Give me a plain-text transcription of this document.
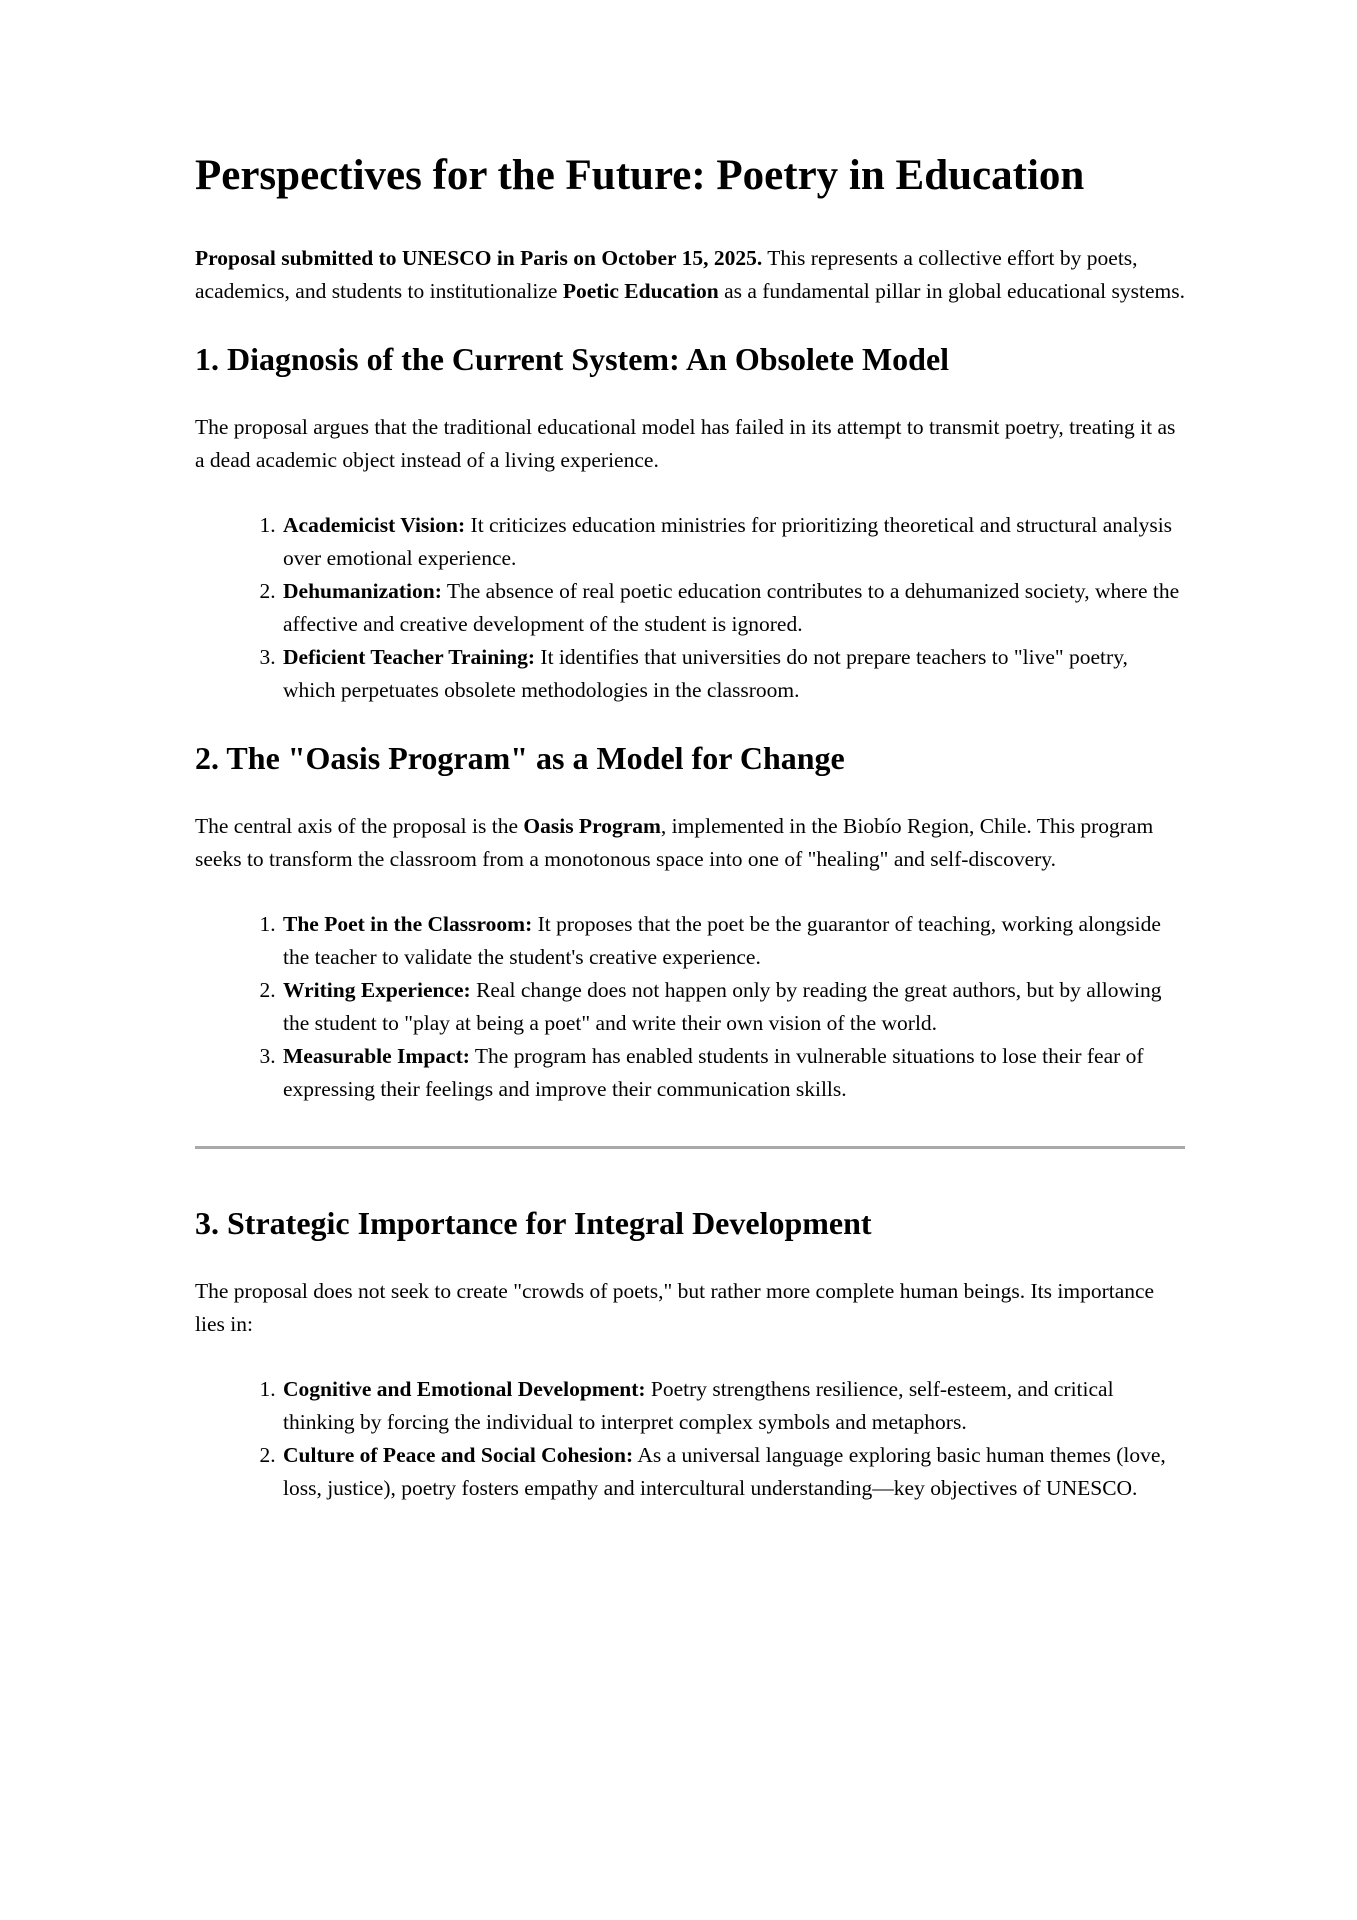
Perspectives for the Future: Poetry in Education

Proposal submitted to UNESCO in Paris on October 15, 2025. This represents a collective effort by poets, academics, and students to institutionalize Poetic Education as a fundamental pillar in global educational systems.

1. Diagnosis of the Current System: An Obsolete Model

The proposal argues that the traditional educational model has failed in its attempt to transmit poetry, treating it as a dead academic object instead of a living experience.

1. Academicist Vision: It criticizes education ministries for prioritizing theoretical and structural analysis over emotional experience.
2. Dehumanization: The absence of real poetic education contributes to a dehumanized society, where the affective and creative development of the student is ignored.
3. Deficient Teacher Training: It identifies that universities do not prepare teachers to "live" poetry, which perpetuates obsolete methodologies in the classroom.
2. The "Oasis Program" as a Model for Change

The central axis of the proposal is the Oasis Program, implemented in the Biobío Region, Chile. This program seeks to transform the classroom from a monotonous space into one of "healing" and self-discovery.

1. The Poet in the Classroom: It proposes that the poet be the guarantor of teaching, working alongside the teacher to validate the student's creative experience.
2. Writing Experience: Real change does not happen only by reading the great authors, but by allowing the student to "play at being a poet" and write their own vision of the world.
3. Measurable Impact: The program has enabled students in vulnerable situations to lose their fear of expressing their feelings and improve their communication skills.
3. Strategic Importance for Integral Development

The proposal does not seek to create "crowds of poets," but rather more complete human beings. Its importance lies in:

1. Cognitive and Emotional Development: Poetry strengthens resilience, self-esteem, and critical thinking by forcing the individual to interpret complex symbols and metaphors.
2. Culture of Peace and Social Cohesion: As a universal language exploring basic human themes (love, loss, justice), poetry fosters empathy and intercultural understanding—key objectives of UNESCO.
